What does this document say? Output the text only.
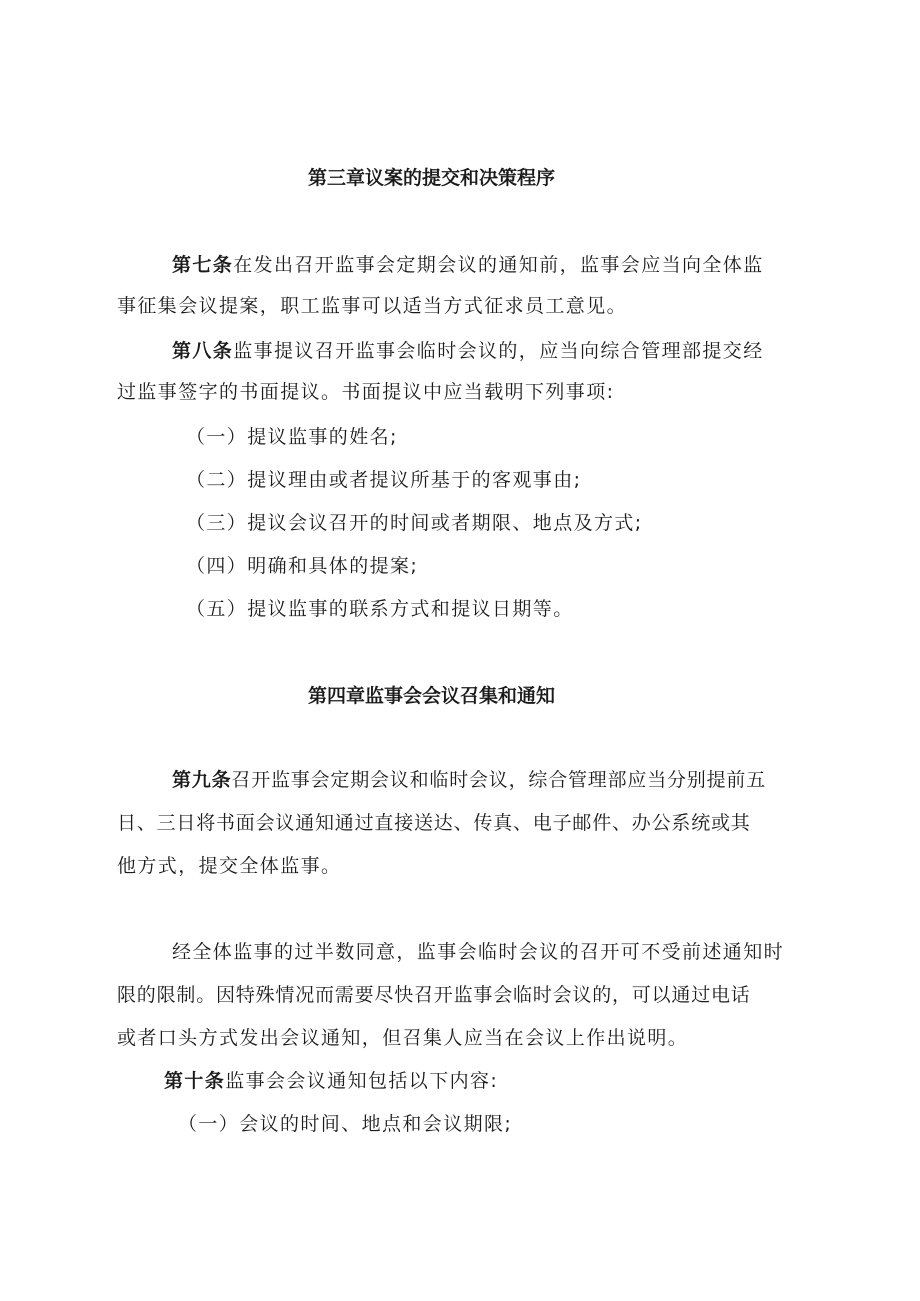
第三章议案的提交和决策程序
第七条在发出召开监事会定期会议的通知前，监事会应当向全体监
事征集会议提案，职工监事可以适当方式征求员工意见。
第八条监事提议召开监事会临时会议的，应当向综合管理部提交经
过监事签字的书面提议。书面提议中应当载明下列事项:
（一）提议监事的姓名;
（二）提议理由或者提议所基于的客观事由;
（三）提议会议召开的时间或者期限、地点及方式;
（四）明确和具体的提案;
（五）提议监事的联系方式和提议日期等。
第四章监事会会议召集和通知
第九条召开监事会定期会议和临时会议，综合管理部应当分别提前五
日、三日将书面会议通知通过直接送达、传真、电子邮件、办公系统或其
他方式，提交全体监事。
经全体监事的过半数同意，监事会临时会议的召开可不受前述通知时
限的限制。因特殊情况而需要尽快召开监事会临时会议的，可以通过电话
或者口头方式发出会议通知，但召集人应当在会议上作出说明。
第十条监事会会议通知包括以下内容:
（一）会议的时间、地点和会议期限;
